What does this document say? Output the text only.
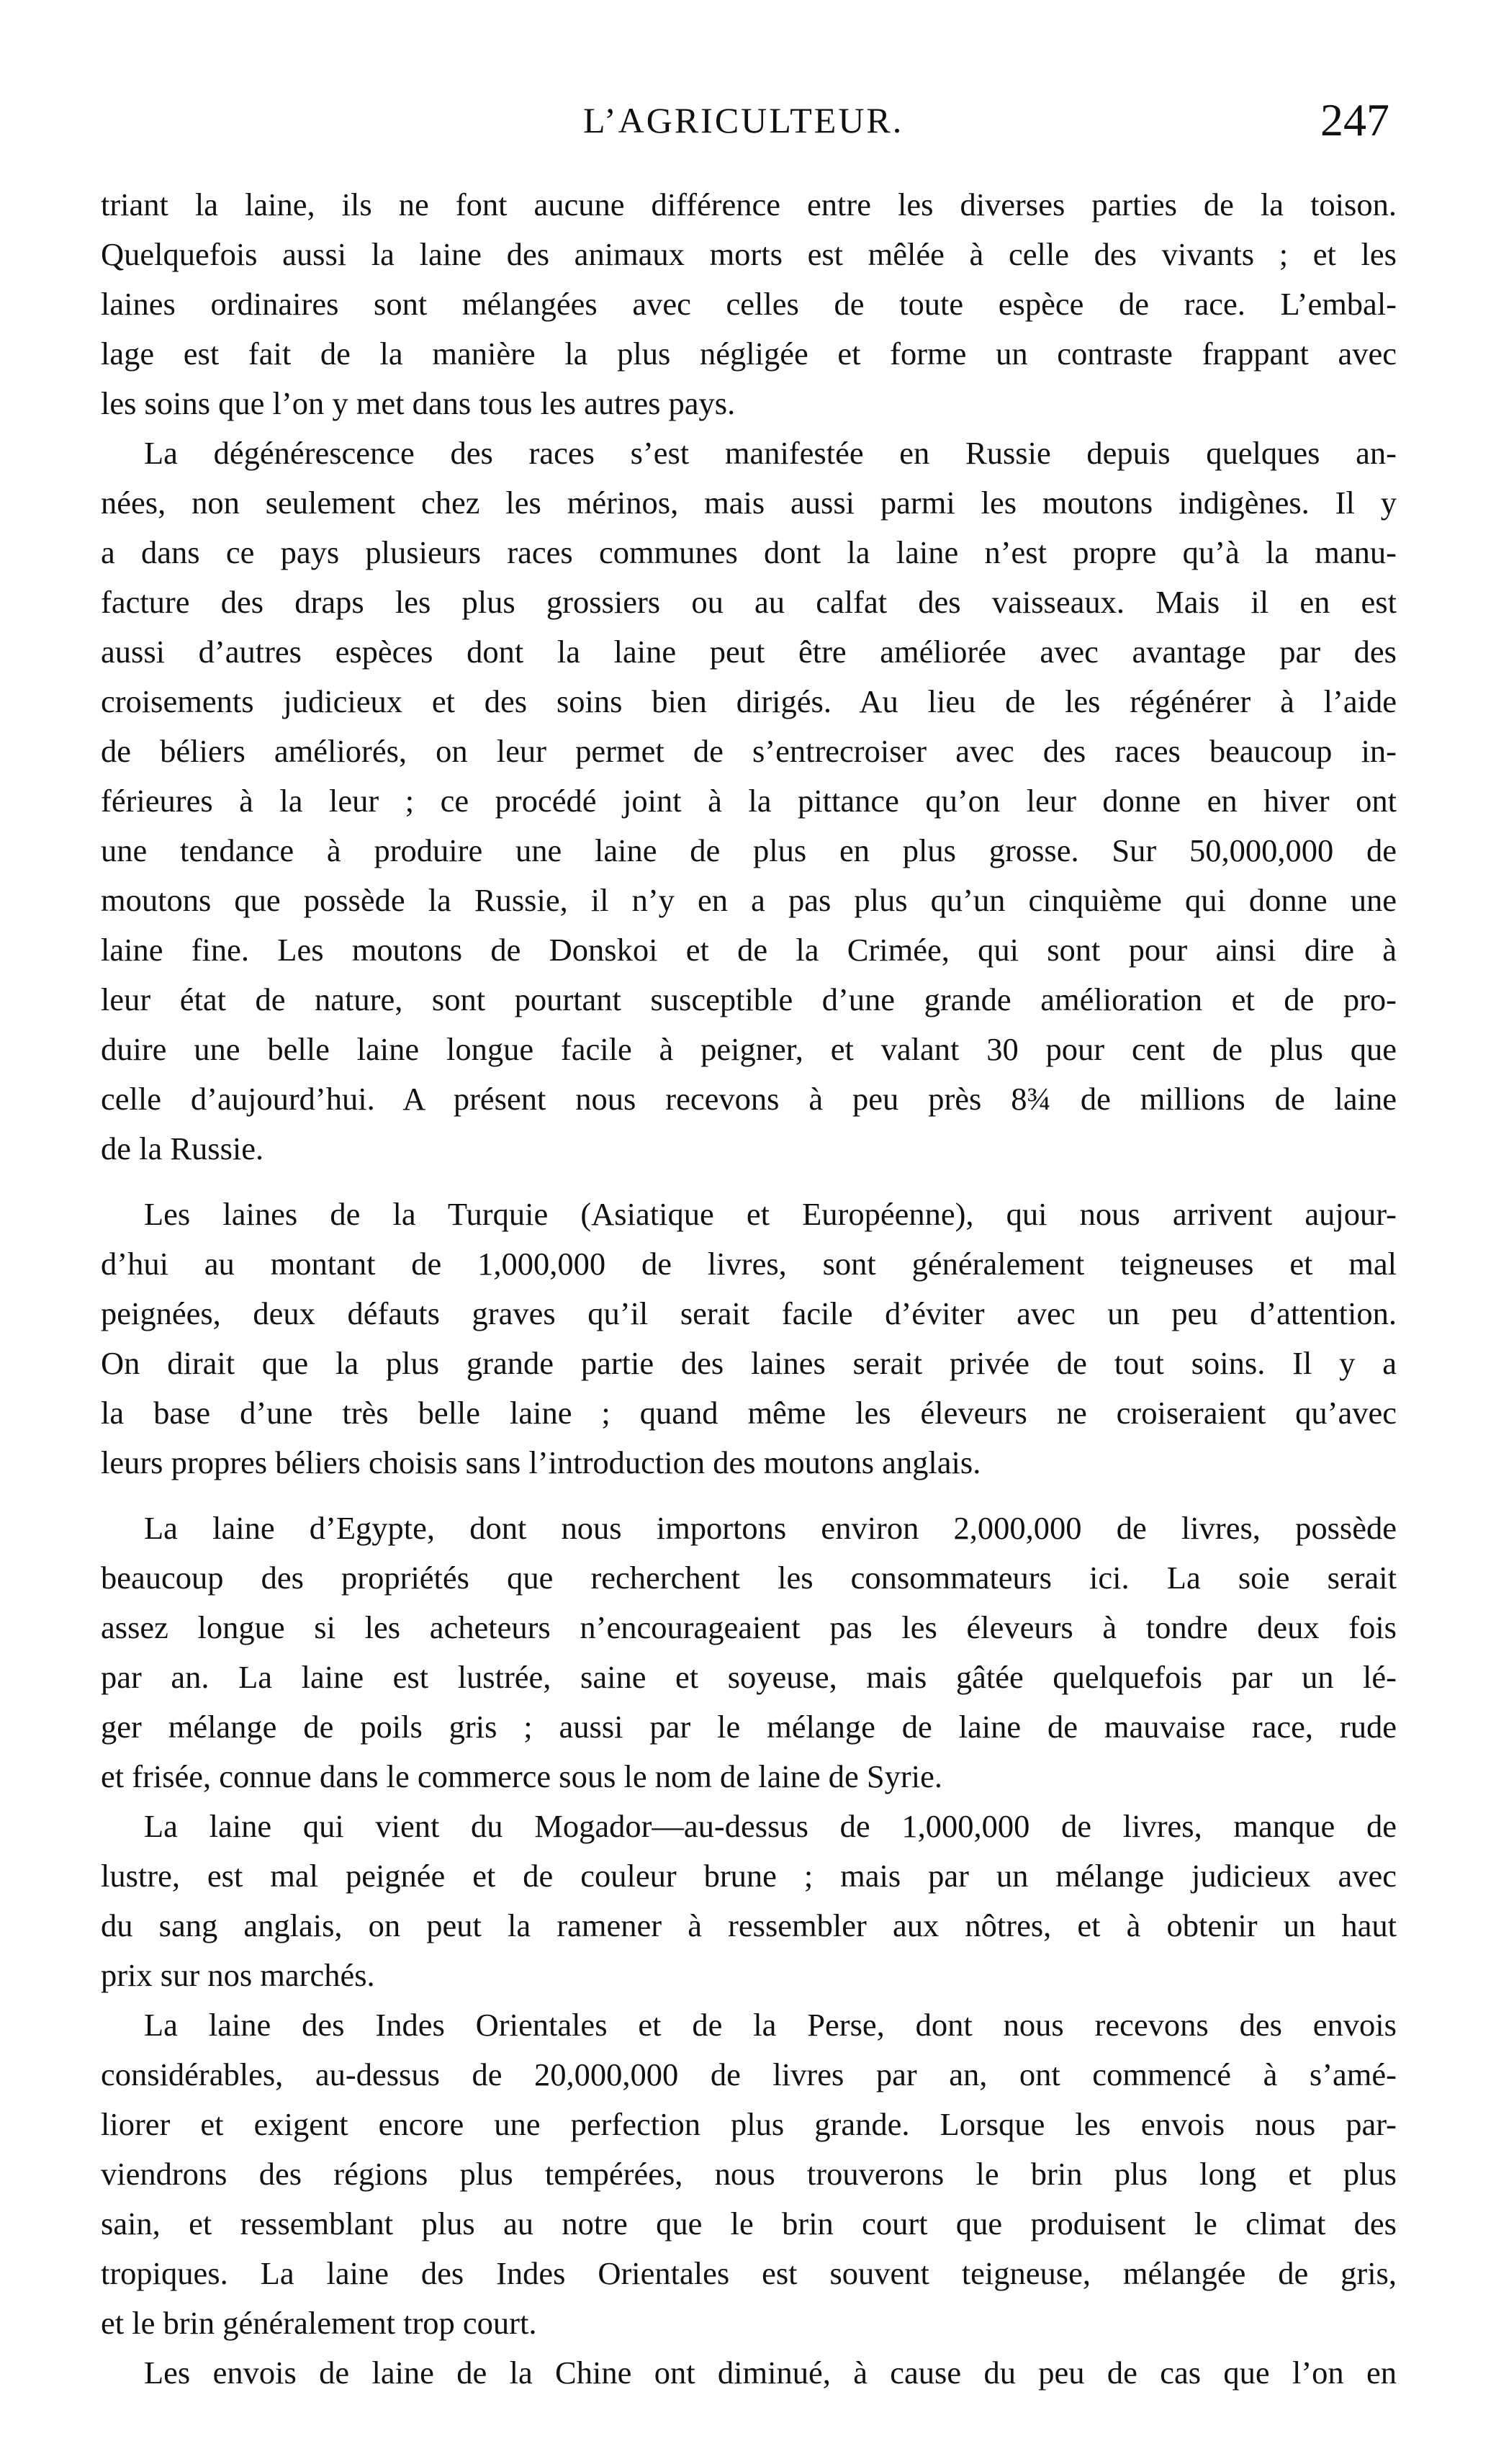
L’AGRICULTEUR.	247
triant la laine, ils ne font aucune différence entre les diverses parties de la toison.
Quelquefois aussi la laine des animaux morts est mêlée à celle des vivants ; et les
laines ordinaires sont mélangées avec celles de toute espèce de race. L’embal-
lage est fait de la manière la plus négligée et forme un contraste frappant avec
les soins que l’on y met dans tous les autres pays.
La dégénérescence des races s’est manifestée en Russie depuis quelques an-
nées, non seulement chez les mérinos, mais aussi parmi les moutons indigènes. Il y
a dans ce pays plusieurs races communes dont la laine n’est propre qu’à la manu-
facture des draps les plus grossiers ou au calfat des vaisseaux. Mais il en est
aussi d’autres espèces dont la laine peut être améliorée avec avantage par des
croisements judicieux et des soins bien dirigés. Au lieu de les régénérer à l’aide
de béliers améliorés, on leur permet de s’entrecroiser avec des races beaucoup in-
férieures à la leur ; ce procédé joint à la pittance qu’on leur donne en hiver ont
une tendance à produire une laine de plus en plus grosse. Sur 50,000,000 de
moutons que possède la Russie, il n’y en a pas plus qu’un cinquième qui donne une
laine fine. Les moutons de Donskoi et de la Crimée, qui sont pour ainsi dire à
leur état de nature, sont pourtant susceptible d’une grande amélioration et de pro-
duire une belle laine longue facile à peigner, et valant 30 pour cent de plus que
celle d’aujourd’hui. A présent nous recevons à peu près 8¾ de millions de laine
de la Russie.
Les laines de la Turquie (Asiatique et Européenne), qui nous arrivent aujour-
d’hui au montant de 1,000,000 de livres, sont généralement teigneuses et mal
peignées, deux défauts graves qu’il serait facile d’éviter avec un peu d’attention.
On dirait que la plus grande partie des laines serait privée de tout soins. Il y a
la base d’une très belle laine ; quand même les éleveurs ne croiseraient qu’avec
leurs propres béliers choisis sans l’introduction des moutons anglais.
La laine d’Egypte, dont nous importons environ 2,000,000 de livres, possède
beaucoup des propriétés que recherchent les consommateurs ici. La soie serait
assez longue si les acheteurs n’encourageaient pas les éleveurs à tondre deux fois
par an. La laine est lustrée, saine et soyeuse, mais gâtée quelquefois par un lé-
ger mélange de poils gris ; aussi par le mélange de laine de mauvaise race, rude
et frisée, connue dans le commerce sous le nom de laine de Syrie.
La laine qui vient du Mogador—au-dessus de 1,000,000 de livres, manque de
lustre, est mal peignée et de couleur brune ; mais par un mélange judicieux avec
du sang anglais, on peut la ramener à ressembler aux nôtres, et à obtenir un haut
prix sur nos marchés.
La laine des Indes Orientales et de la Perse, dont nous recevons des envois
considérables, au-dessus de 20,000,000 de livres par an, ont commencé à s’amé-
liorer et exigent encore une perfection plus grande. Lorsque les envois nous par-
viendrons des régions plus tempérées, nous trouverons le brin plus long et plus
sain, et ressemblant plus au notre que le brin court que produisent le climat des
tropiques. La laine des Indes Orientales est souvent teigneuse, mélangée de gris,
et le brin généralement trop court.
Les envois de laine de la Chine ont diminué, à cause du peu de cas que l’on en
